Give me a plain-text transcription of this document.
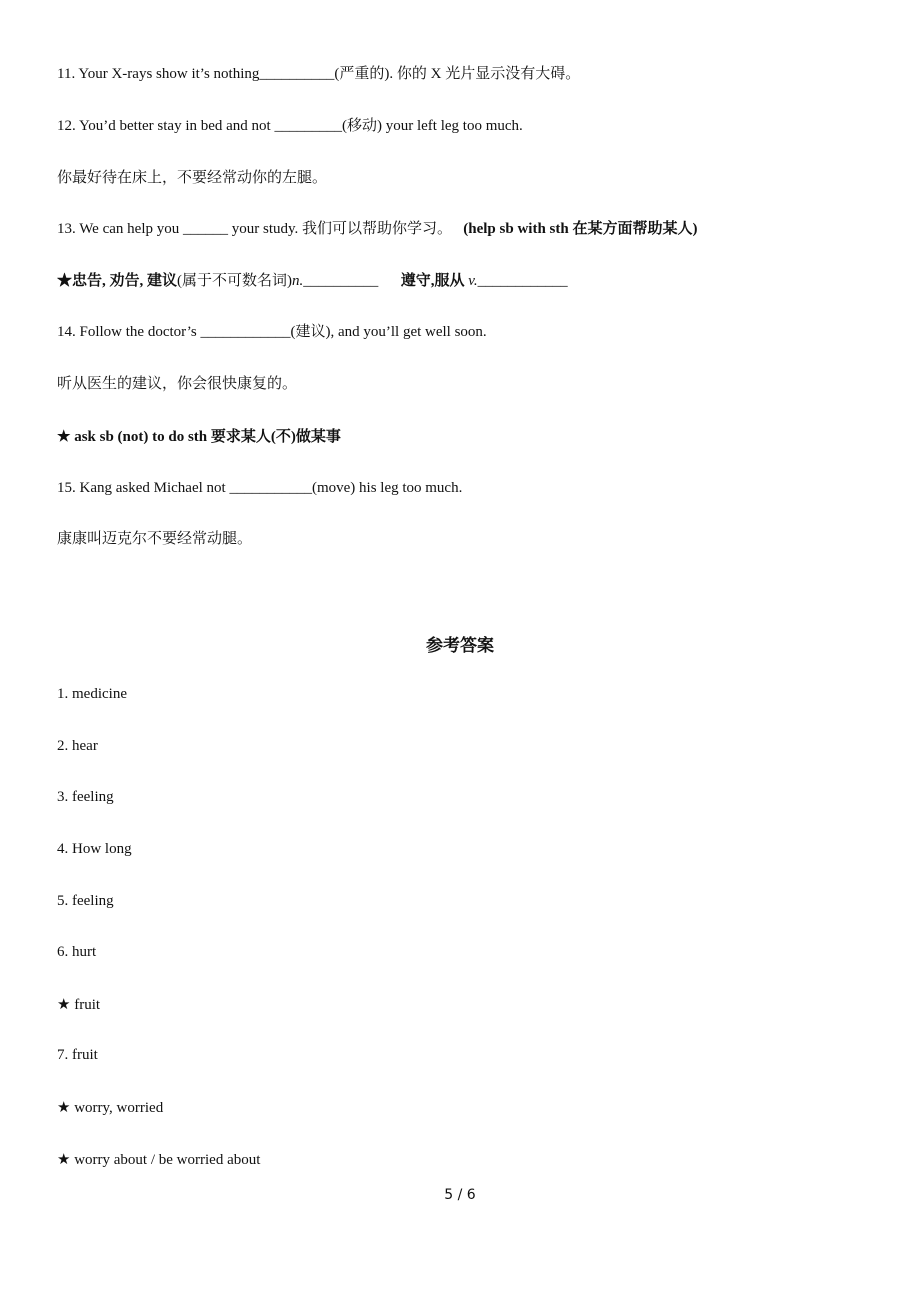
11. Your X-rays show it’s nothing__________(严重的). 你的 X 光片显示没有大碍。
12. You’d better stay in bed and not _________(移动) your left leg too much.
你最好待在床上，不要经常动你的左腿。
13. We can help you ______ your study. 我们可以帮助你学习。 (help sb with sth 在某方面帮助某人)
★忠告, 劝告, 建议(属于不可数名词)n.__________ 遵守,服从 v.____________
14. Follow the doctor’s ____________(建议), and you’ll get well soon.
听从医生的建议，你会很快康复的。
★ ask sb (not) to do sth 要求某人(不)做某事
15. Kang asked Michael not ___________(move) his leg too much.
康康叫迈克尔不要经常动腿。
参考答案
1. medicine
2. hear
3. feeling
4. How long
5. feeling
6. hurt
★ fruit
7. fruit
★ worry, worried
★ worry about / be worried about
5 / 6
